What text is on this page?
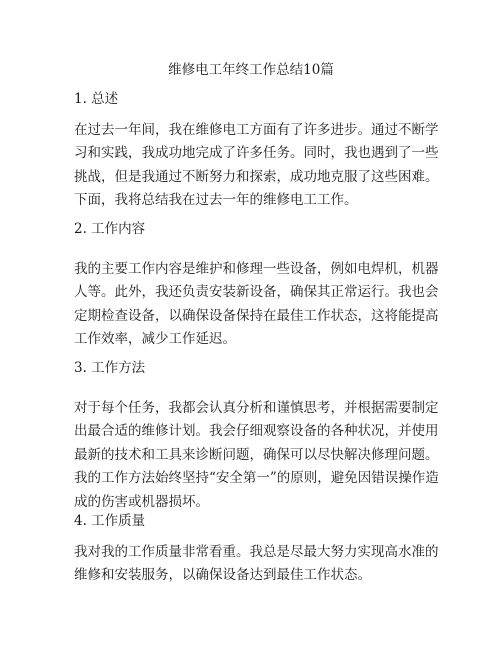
维修电工年终工作总结10篇
1. 总述
在过去一年间，我在维修电工方面有了许多进步。通过不断学
习和实践，我成功地完成了许多任务。同时，我也遇到了一些
挑战，但是我通过不断努力和探索，成功地克服了这些困难。
下面，我将总结我在过去一年的维修电工工作。
2. 工作内容
我的主要工作内容是维护和修理一些设备，例如电焊机，机器
人等。此外，我还负责安装新设备，确保其正常运行。我也会
定期检查设备，以确保设备保持在最佳工作状态，这将能提高
工作效率，减少工作延迟。
3. 工作方法
对于每个任务，我都会认真分析和谨慎思考，并根据需要制定
出最合适的维修计划。我会仔细观察设备的各种状况，并使用
最新的技术和工具来诊断问题，确保可以尽快解决修理问题。
我的工作方法始终坚持“安全第一”的原则，避免因错误操作造
成的伤害或机器损坏。
4. 工作质量
我对我的工作质量非常看重。我总是尽最大努力实现高水准的
维修和安装服务，以确保设备达到最佳工作状态。
